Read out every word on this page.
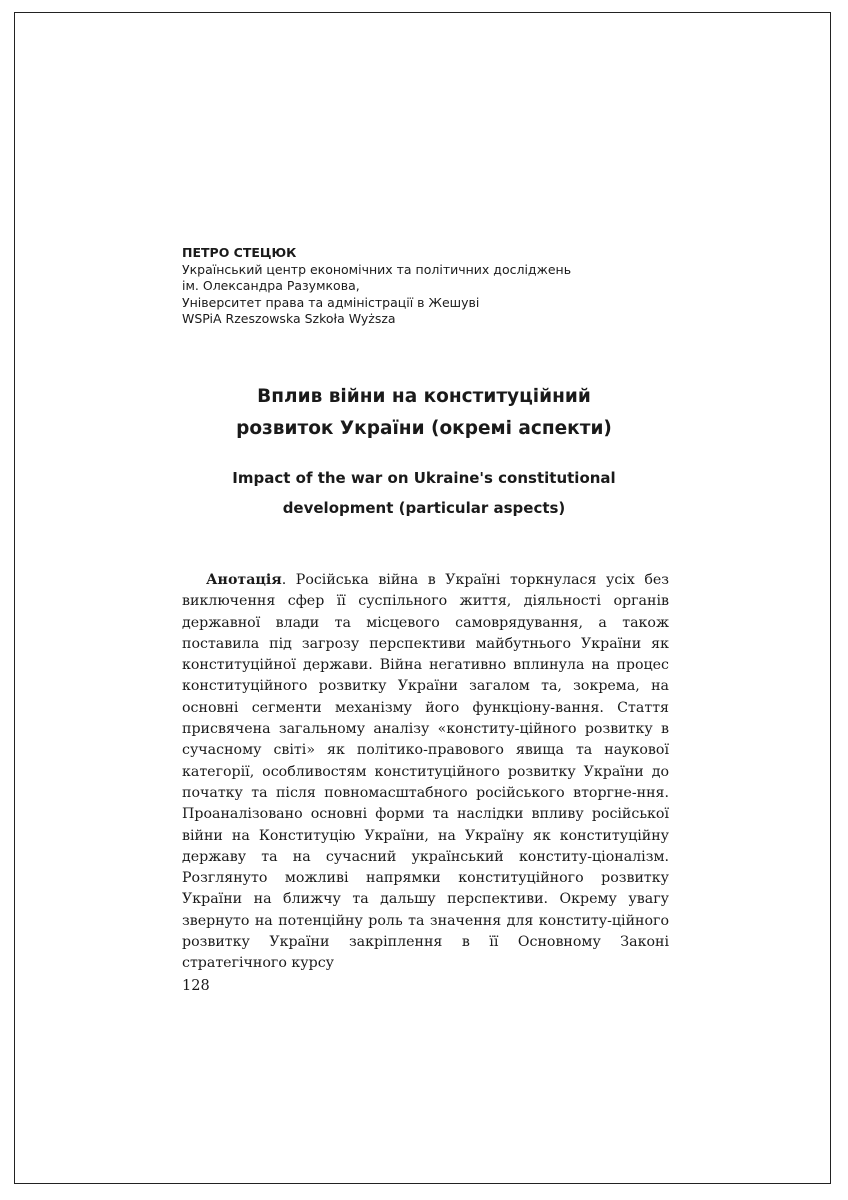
ПЕТРО СТЕЦЮК
Український центр економічних та політичних досліджень
ім. Олександра Разумкова,
Університет права та адміністрації в Жешуві
WSPiA Rzeszowska Szkoła Wyższa
Вплив війни на конституційний
розвиток України (окремі аспекти)
Impact of the war on Ukraine's constitutional
development (particular aspects)
Анотація. Російська війна в Україні торкнулася усіх без виключення сфер її суспільного життя, діяльності органів державної влади та місцевого самоврядування, а також поставила під загрозу перспективи майбутнього України як конституційної держави. Війна негативно вплинула на процес конституційного розвитку України загалом та, зокрема, на основні сегменти механізму його функціону-вання. Стаття присвячена загальному аналізу «конститу-ційного розвитку в сучасному світі» як політико-правового явища та наукової категорії, особливостям конституційного розвитку України до початку та після повномасштабного російського вторгне-ння. Проаналізовано основні форми та наслідки впливу російської війни на Конституцію України, на Україну як конституційну державу та на сучасний український конститу-ціоналізм. Розглянуто можливі напрямки конституційного розвитку України на ближчу та дальшу перспективи. Окрему увагу звернуто на потенційну роль та значення для конститу-ційного розвитку України закріплення в її Основному Законі стратегічного курсу
128
